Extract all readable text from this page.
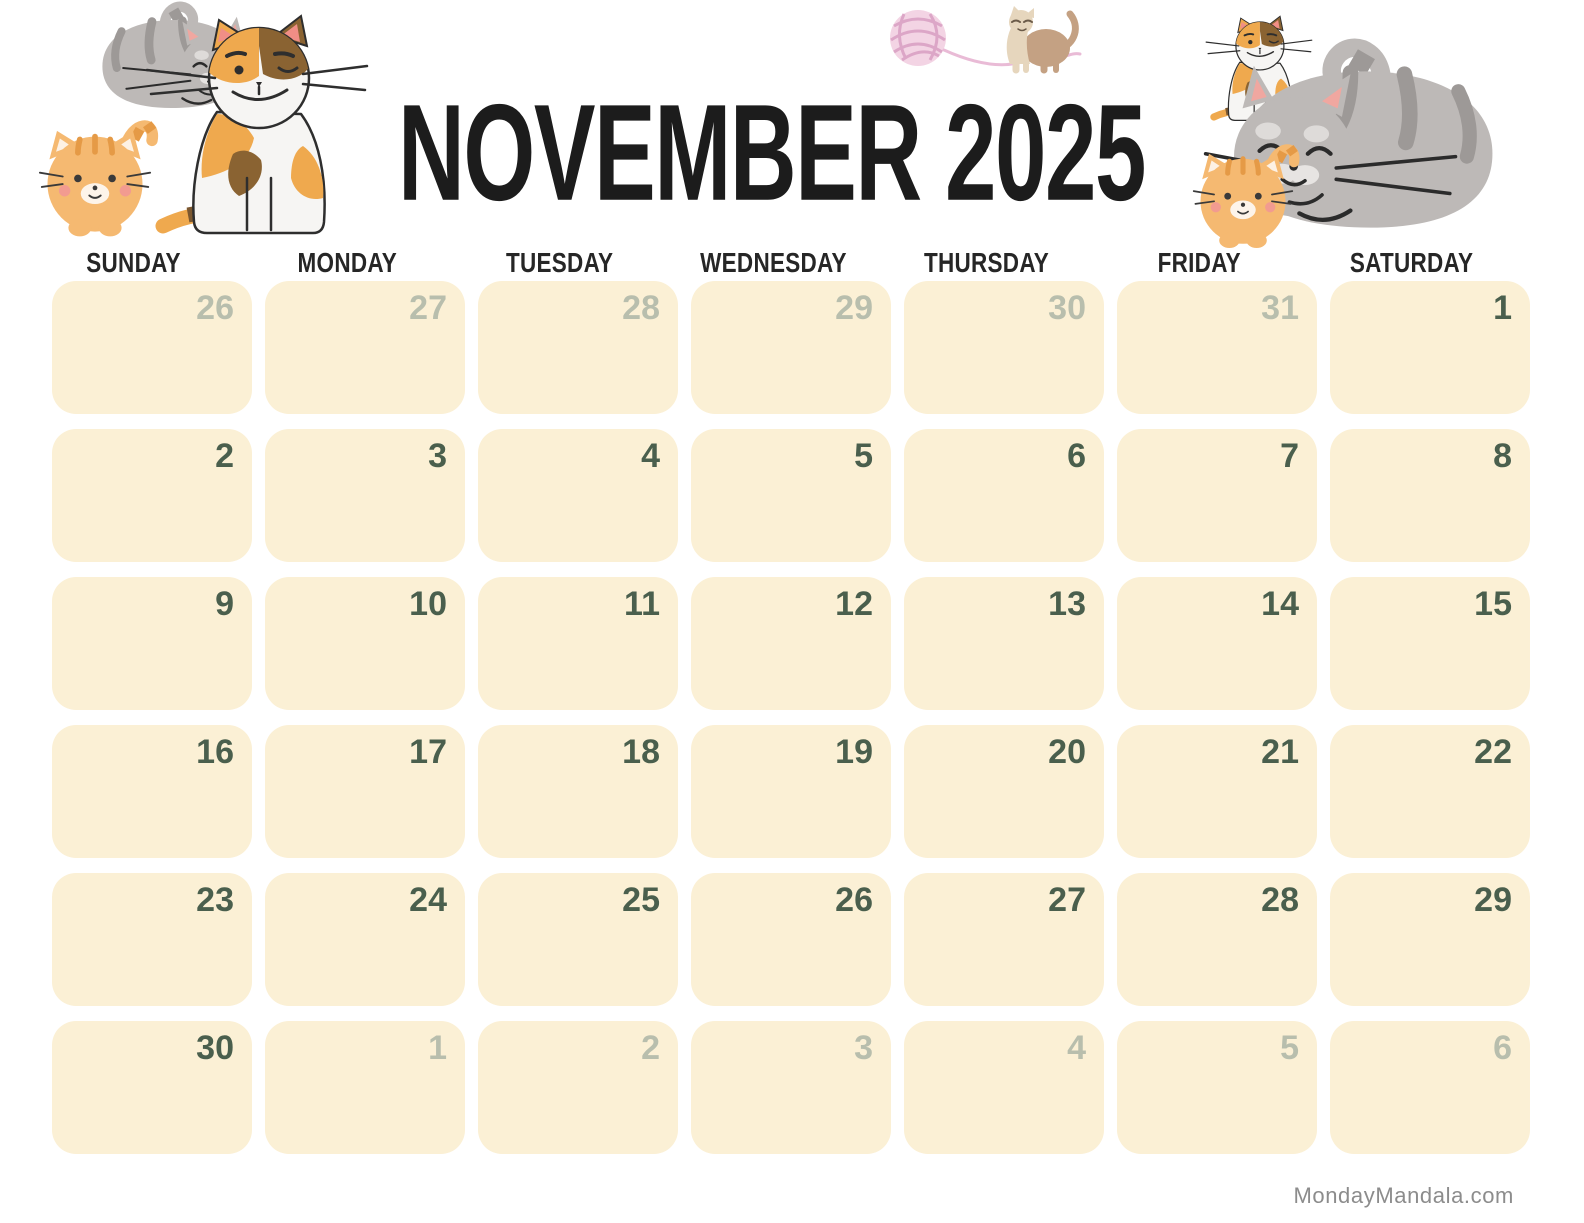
NOVEMBER 2025
SUNDAY	MONDAY	TUESDAY	WEDNESDAY	THURSDAY	FRIDAY	SATURDAY
26	27	28	29	30	31	1
2	3	4	5	6	7	8
9	10	11	12	13	14	15
16	17	18	19	20	21	22
23	24	25	26	27	28	29
30	1	2	3	4	5	6
MondayMandala.com
